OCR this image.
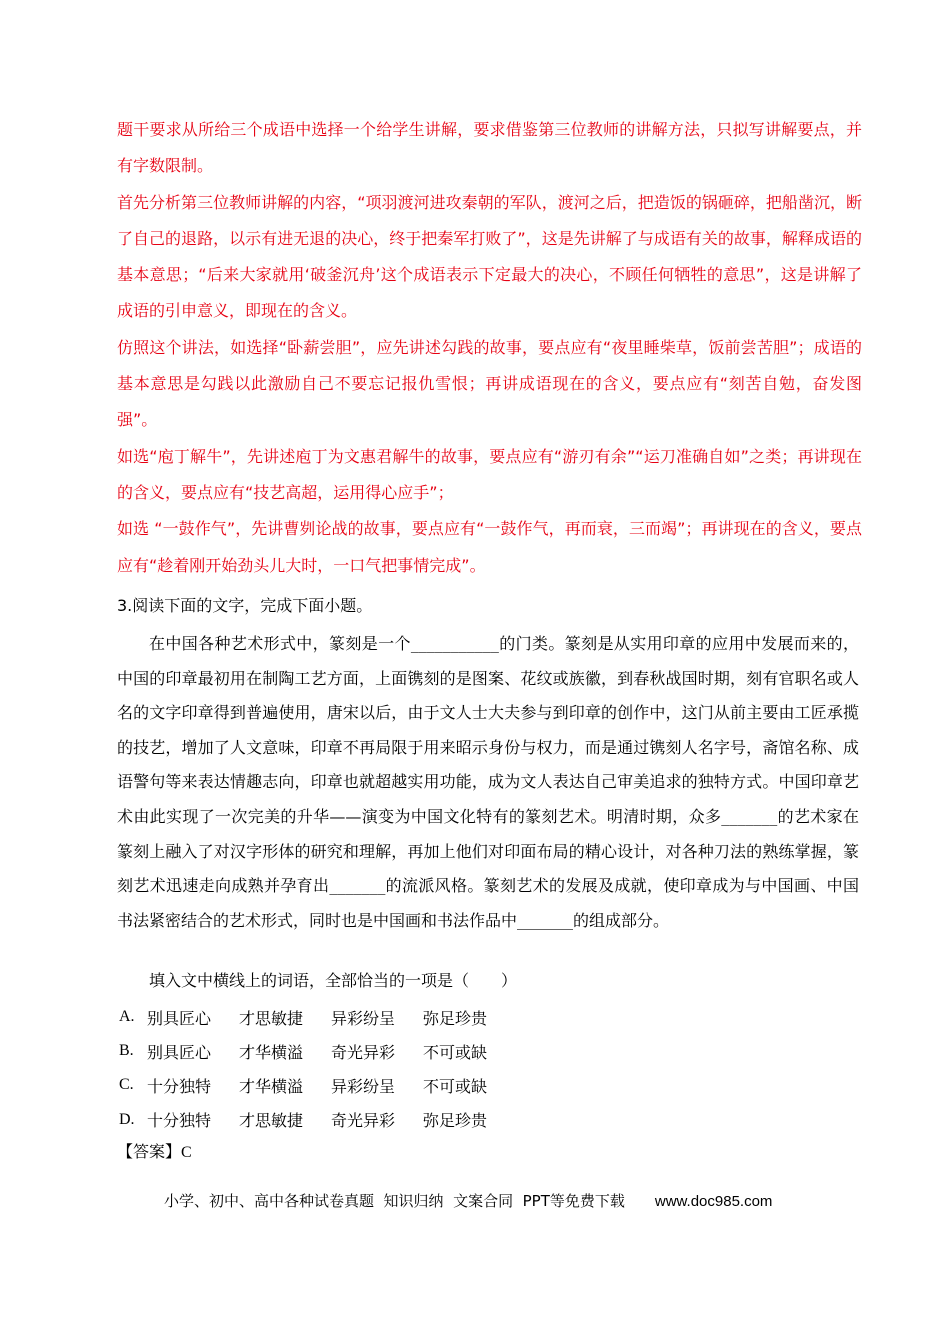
题干要求从所给三个成语中选择一个给学生讲解，要求借鉴第三位教师的讲解方法，只拟写讲解要点，并有字数限制。

首先分析第三位教师讲解的内容，“项羽渡河进攻秦朝的军队，渡河之后，把造饭的锅砸碎，把船凿沉，断了自己的退路，以示有进无退的决心，终于把秦军打败了”，这是先讲解了与成语有关的故事，解释成语的基本意思；“后来大家就用‘破釜沉舟’这个成语表示下定最大的决心，不顾任何牺牲的意思”，这是讲解了成语的引申意义，即现在的含义。

仿照这个讲法，如选择“卧薪尝胆”，应先讲述勾践的故事，要点应有“夜里睡柴草，饭前尝苦胆”；成语的基本意思是勾践以此激励自己不要忘记报仇雪恨；再讲成语现在的含义，要点应有“刻苦自勉，奋发图强”。

如选“庖丁解牛”，先讲述庖丁为文惠君解牛的故事，要点应有“游刃有余”“运刀准确自如”之类；再讲现在的含义，要点应有“技艺高超，运用得心应手”；

如选 “一鼓作气”，先讲曹刿论战的故事，要点应有“一鼓作气，再而衰，三而竭”；再讲现在的含义，要点应有“趁着刚开始劲头儿大时，一口气把事情完成”。

3.阅读下面的文字，完成下面小题。

在中国各种艺术形式中，篆刻是一个___________的门类。篆刻是从实用印章的应用中发展而来的，中国的印章最初用在制陶工艺方面，上面镌刻的是图案、花纹或族徽，到春秋战国时期，刻有官职名或人名的文字印章得到普遍使用，唐宋以后，由于文人士大夫参与到印章的创作中，这门从前主要由工匠承揽的技艺，增加了人文意味，印章不再局限于用来昭示身份与权力，而是通过镌刻人名字号，斋馆名称、成语警句等来表达情趣志向，印章也就超越实用功能，成为文人表达自己审美追求的独特方式。中国印章艺术由此实现了一次完美的升华——演变为中国文化特有的篆刻艺术。明清时期，众多_______的艺术家在篆刻上融入了对汉字形体的研究和理解，再加上他们对印面布局的精心设计，对各种刀法的熟练掌握，篆刻艺术迅速走向成熟并孕育出_______的流派风格。篆刻艺术的发展及成就，使印章成为与中国画、中国书法紧密结合的艺术形式，同时也是中国画和书法作品中_______的组成部分。

填入文中横线上的词语，全部恰当的一项是（　　）

A. 别具匠心	才思敏捷	异彩纷呈	弥足珍贵
B. 别具匠心	才华横溢	奇光异彩	不可或缺
C. 十分独特	才华横溢	异彩纷呈	不可或缺
D. 十分独特	才思敏捷	奇光异彩	弥足珍贵

【答案】C

小学、初中、高中各种试卷真题  知识归纳  文案合同  PPT等免费下载 www.doc985.com
